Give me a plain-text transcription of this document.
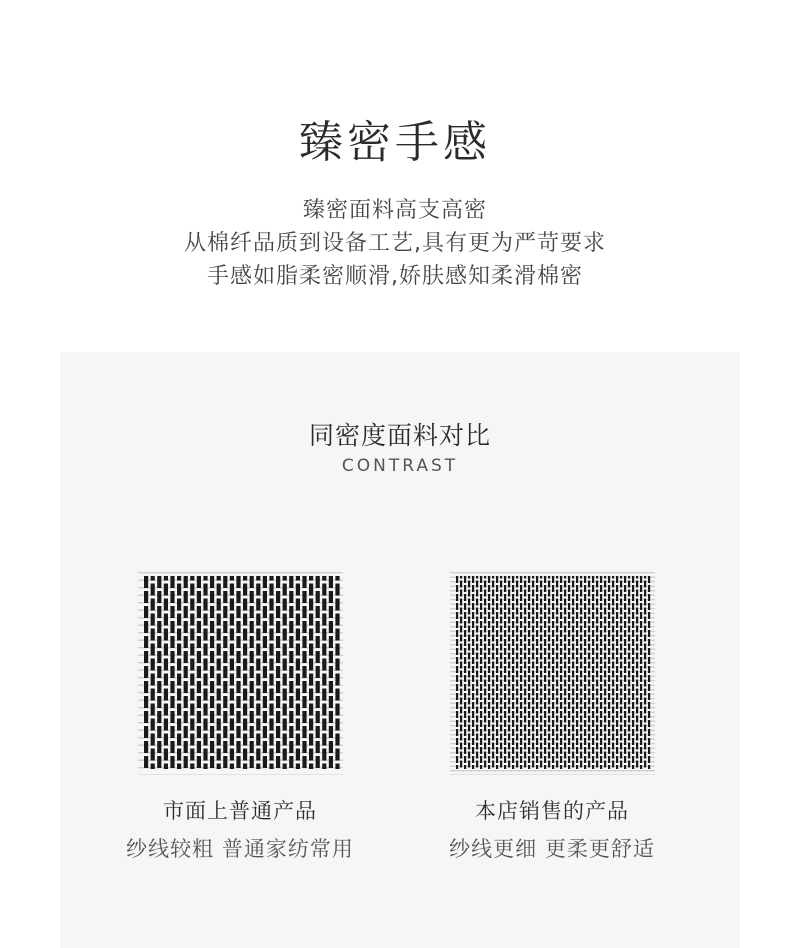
臻密手感
臻密面料高支高密
从棉纤品质到设备工艺,具有更为严苛要求
手感如脂柔密顺滑,娇肤感知柔滑棉密
同密度面料对比
CONTRAST
市面上普通产品
纱线较粗 普通家纺常用
本店销售的产品
纱线更细 更柔更舒适
